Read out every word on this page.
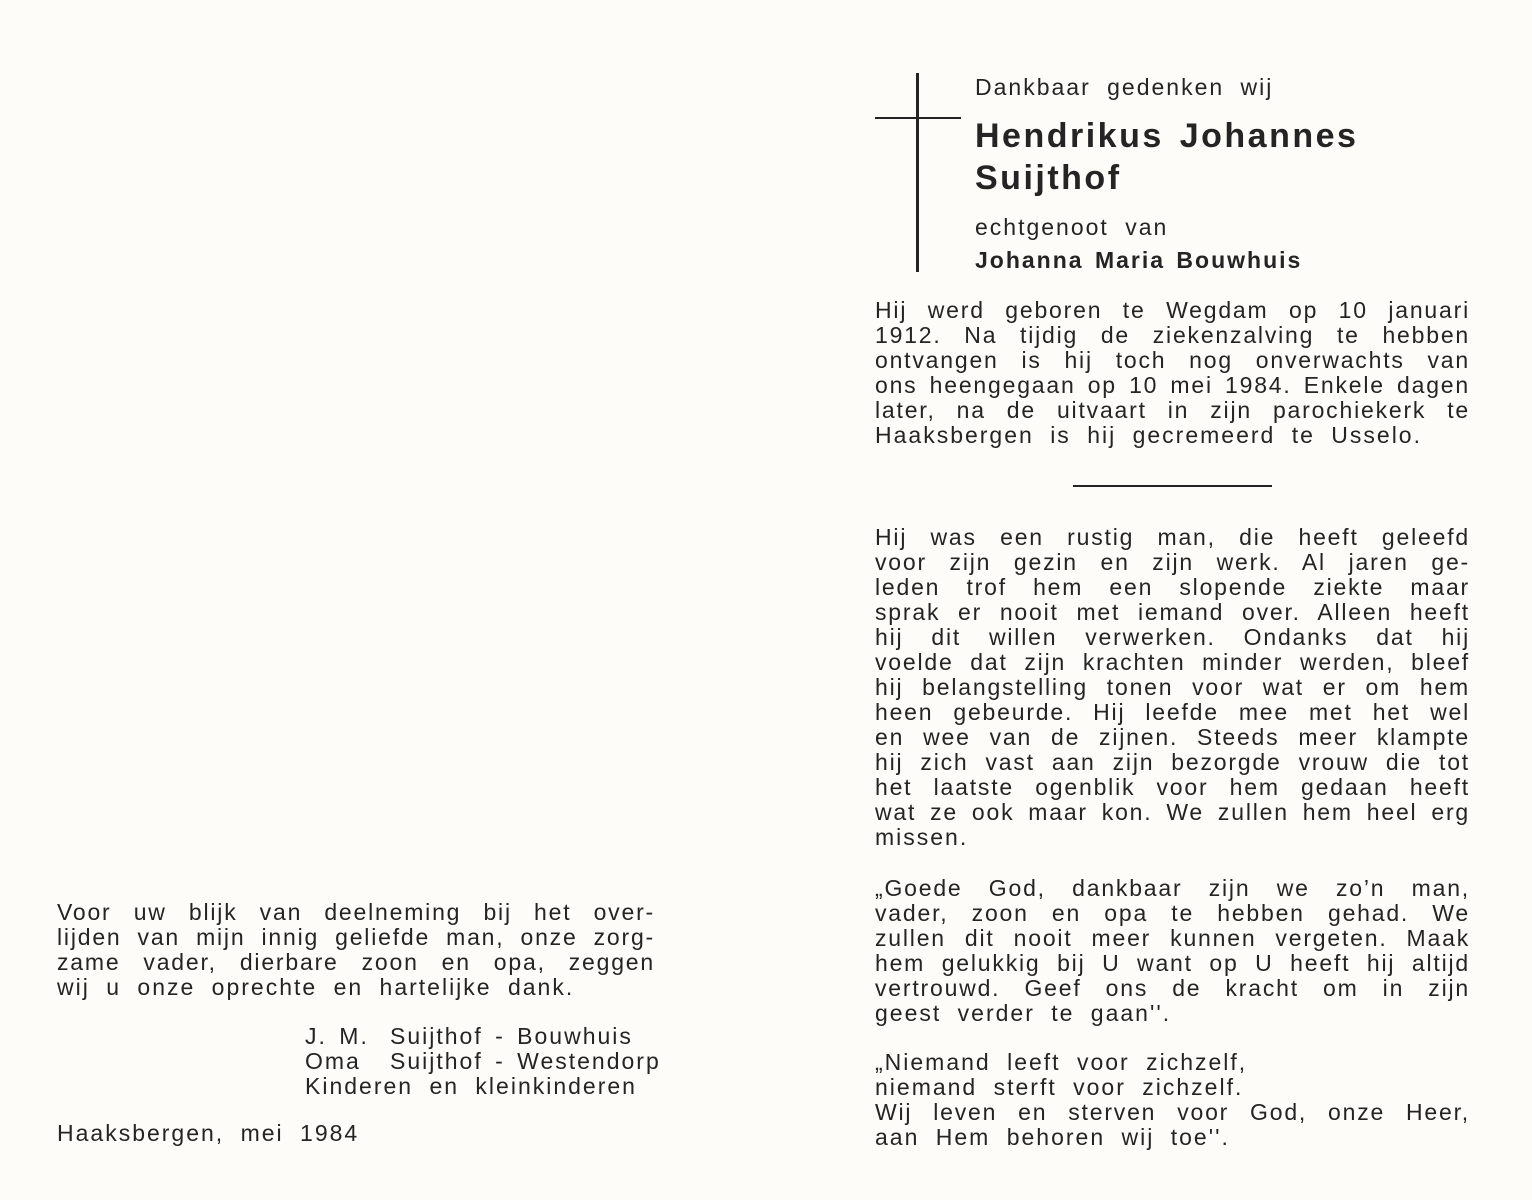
Voor uw blijk van deelneming bij het over-
lijden van mijn innig geliefde man, onze zorg-
zame vader, dierbare zoon en opa, zeggen
wij u onze oprechte en hartelijke dank.
J. M. Suijthof - Bouwhuis
Oma Suijthof - Westendorp
Kinderen en kleinkinderen
Haaksbergen, mei 1984
Dankbaar gedenken wij
Hendrikus Johannes
Suijthof
echtgenoot van
Johanna Maria Bouwhuis
Hij werd geboren te Wegdam op 10 januari
1912. Na tijdig de ziekenzalving te hebben
ontvangen is hij toch nog onverwachts van
ons heengegaan op 10 mei 1984. Enkele dagen
later, na de uitvaart in zijn parochiekerk te
Haaksbergen is hij gecremeerd te Usselo.
Hij was een rustig man, die heeft geleefd
voor zijn gezin en zijn werk. Al jaren ge-
leden trof hem een slopende ziekte maar
sprak er nooit met iemand over. Alleen heeft
hij dit willen verwerken. Ondanks dat hij
voelde dat zijn krachten minder werden, bleef
hij belangstelling tonen voor wat er om hem
heen gebeurde. Hij leefde mee met het wel
en wee van de zijnen. Steeds meer klampte
hij zich vast aan zijn bezorgde vrouw die tot
het laatste ogenblik voor hem gedaan heeft
wat ze ook maar kon. We zullen hem heel erg
missen.
„Goede God, dankbaar zijn we zo’n man,
vader, zoon en opa te hebben gehad. We
zullen dit nooit meer kunnen vergeten. Maak
hem gelukkig bij U want op U heeft hij altijd
vertrouwd. Geef ons de kracht om in zijn
geest verder te gaan''.
„Niemand leeft voor zichzelf,
niemand sterft voor zichzelf.
Wij leven en sterven voor God, onze Heer,
aan Hem behoren wij toe''.
